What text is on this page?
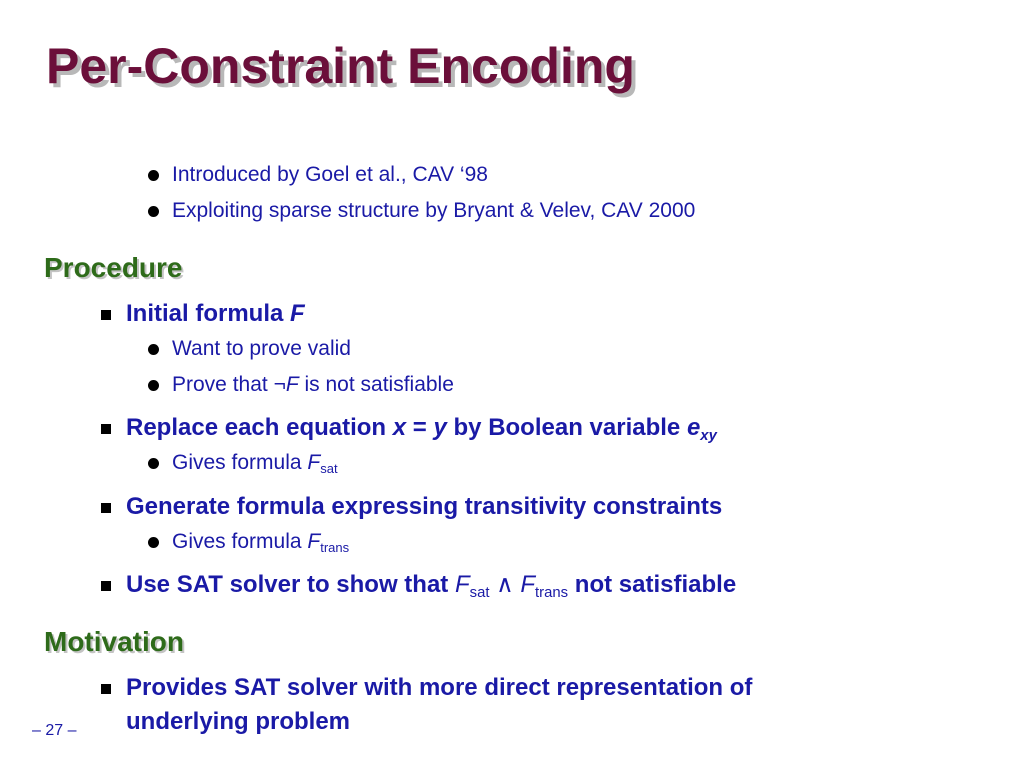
Per-Constraint Encoding
Introduced by Goel et al., CAV ‘98
Exploiting sparse structure by Bryant & Velev, CAV 2000
Procedure
Initial formula F
Want to prove valid
Prove that ¬F is not satisfiable
Replace each equation x = y by Boolean variable exy
Gives formula Fsat
Generate formula expressing transitivity constraints
Gives formula Ftrans
Use SAT solver to show that Fsat ∧ Ftrans not satisfiable
Motivation
Provides SAT solver with more direct representation of
underlying problem
– 27 –
